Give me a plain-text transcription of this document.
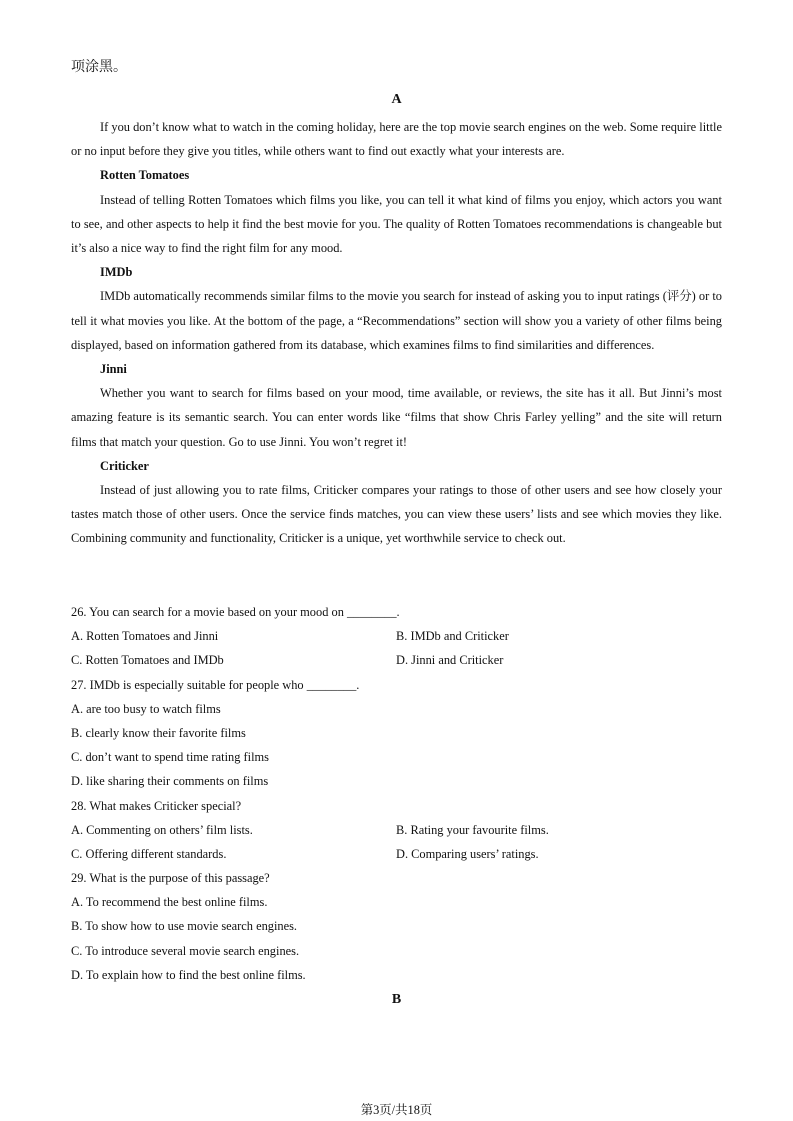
项涂黑。
A

If you don’t know what to watch in the coming holiday, here are the top movie search engines on the web. Some require little or no input before they give you titles, while others want to find out exactly what your interests are.

Rotten Tomatoes

Instead of telling Rotten Tomatoes which films you like, you can tell it what kind of films you enjoy, which actors you want to see, and other aspects to help it find the best movie for you. The quality of Rotten Tomatoes recommendations is changeable but it’s also a nice way to find the right film for any mood.

IMDb

IMDb automatically recommends similar films to the movie you search for instead of asking you to input ratings (评分) or to tell it what movies you like. At the bottom of the page, a “Recommendations” section will show you a variety of other films being displayed, based on information gathered from its database, which examines films to find similarities and differences.

Jinni

Whether you want to search for films based on your mood, time available, or reviews, the site has it all. But Jinni’s most amazing feature is its semantic search. You can enter words like “films that show Chris Farley yelling” and the site will return films that match your question. Go to use Jinni. You won’t regret it!

Criticker

Instead of just allowing you to rate films, Criticker compares your ratings to those of other users and see how closely your tastes match those of other users. Once the service finds matches, you can view these users’ lists and see which movies they like. Combining community and functionality, Criticker is a unique, yet worthwhile service to check out.

26. You can search for a movie based on your mood on ________.
A. Rotten Tomatoes and Jinni	B. IMDb and Criticker
C. Rotten Tomatoes and IMDb	D. Jinni and Criticker
27. IMDb is especially suitable for people who ________.
A. are too busy to watch films
B. clearly know their favorite films
C. don’t want to spend time rating films
D. like sharing their comments on films
28. What makes Criticker special?
A. Commenting on others’ film lists.	B. Rating your favourite films.
C. Offering different standards.	D. Comparing users’ ratings.
29. What is the purpose of this passage?
A. To recommend the best online films.
B. To show how to use movie search engines.
C. To introduce several movie search engines.
D. To explain how to find the best online films.
B
第3页/共18页
